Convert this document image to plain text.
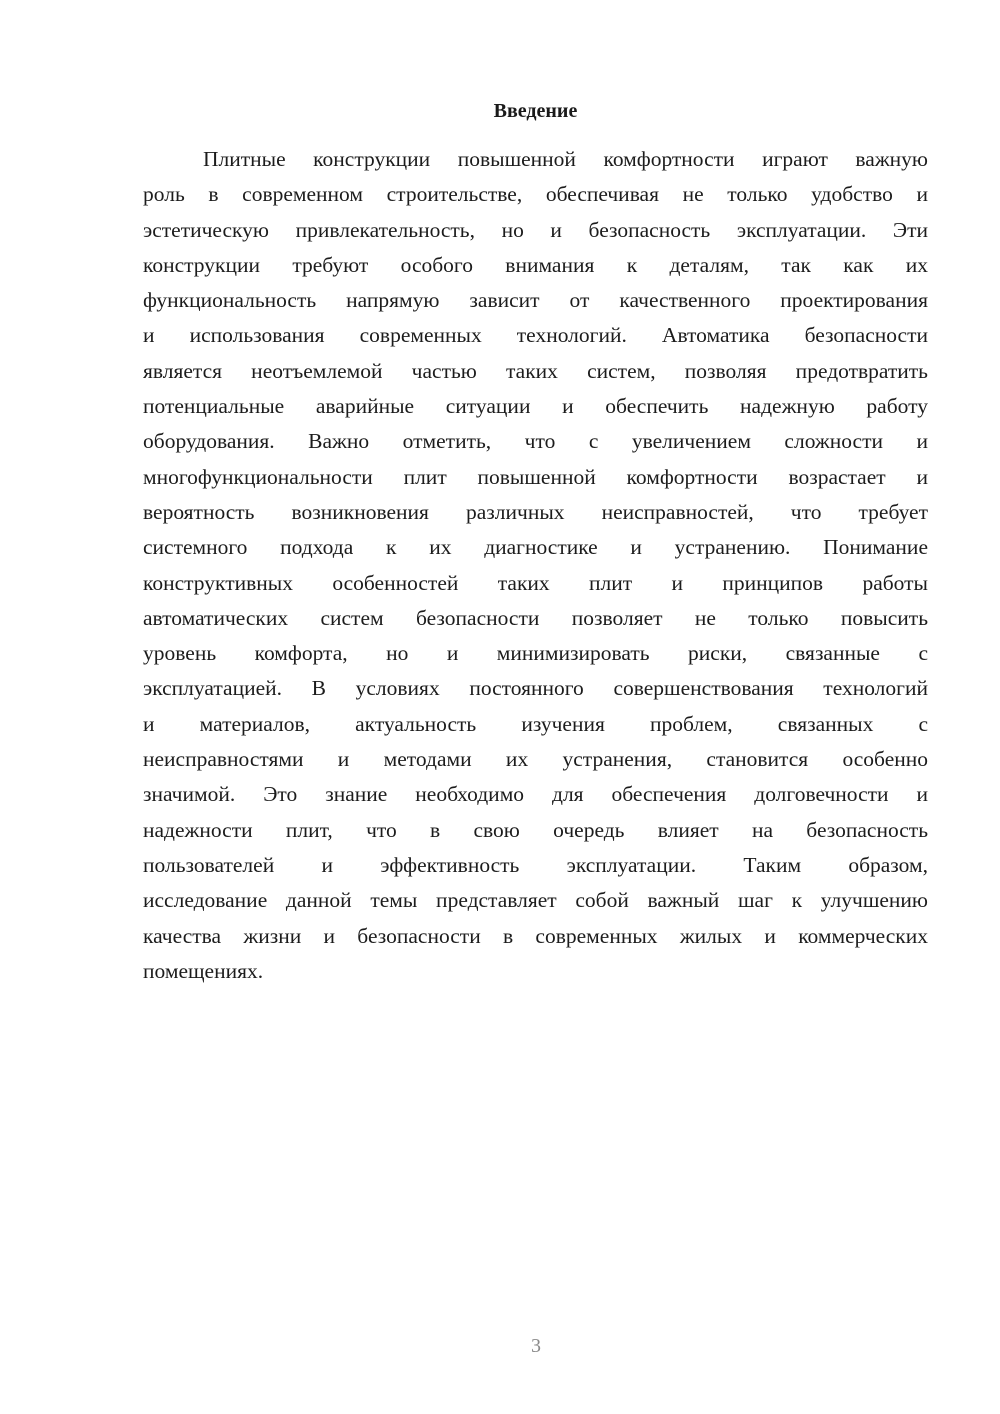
Введение
Плитные конструкции повышенной комфортности играют важную
роль в современном строительстве, обеспечивая не только удобство и
эстетическую привлекательность, но и безопасность эксплуатации. Эти
конструкции требуют особого внимания к деталям, так как их
функциональность напрямую зависит от качественного проектирования
и использования современных технологий. Автоматика безопасности
является неотъемлемой частью таких систем, позволяя предотвратить
потенциальные аварийные ситуации и обеспечить надежную работу
оборудования. Важно отметить, что с увеличением сложности и
многофункциональности плит повышенной комфортности возрастает и
вероятность возникновения различных неисправностей, что требует
системного подхода к их диагностике и устранению. Понимание
конструктивных особенностей таких плит и принципов работы
автоматических систем безопасности позволяет не только повысить
уровень комфорта, но и минимизировать риски, связанные с
эксплуатацией. В условиях постоянного совершенствования технологий
и материалов, актуальность изучения проблем, связанных с
неисправностями и методами их устранения, становится особенно
значимой. Это знание необходимо для обеспечения долговечности и
надежности плит, что в свою очередь влияет на безопасность
пользователей и эффективность эксплуатации. Таким образом,
исследование данной темы представляет собой важный шаг к улучшению
качества жизни и безопасности в современных жилых и коммерческих
помещениях.
3
